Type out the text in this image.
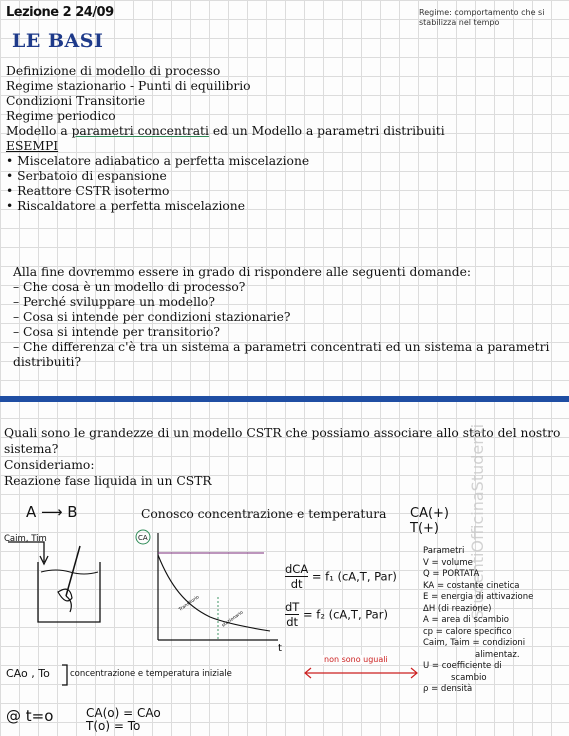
Lezione 2 24/09	Regime: comportamento che si stabilizza nel tempo
LE BASI
Definizione di modello di processo
Regime stazionario - Punti di equilibrio
Condizioni Transitorie
Regime periodico
Modello a parametri concentrati ed un Modello a parametri distribuiti
ESEMPI
• Miscelatore adiabatico a perfetta miscelazione
• Serbatoio di espansione
• Reattore CSTR isotermo
• Riscaldatore a perfetta miscelazione
Alla fine dovremmo essere in grado di rispondere alle seguenti domande:
– Che cosa è un modello di processo?
– Perché sviluppare un modello?
– Cosa si intende per condizioni stazionarie?
– Cosa si intende per transitorio?
– Che differenza c'è tra un sistema a parametri concentrati ed un sistema a parametri distribuiti?
Quali sono le grandezze di un modello CSTR che possiamo associare allo stato del nostro sistema?
Consideriamo:
Reazione fase liquida in un CSTR	StudentiOfficinaStudenti
A ⟶ B
Caim, Tim
Conosco concentrazione e temperatura CA(+)
T(+)
CA
Transitorio
stazionario
t
dCA
dt
= f₁ (cA,T, Par)
$\frac{dT}{dt} = f_2$ (cA,T, Par)
Parametri
V = volume
Q = PORTATA
KA = costante cinetica
E = energia di attivazione
ΔH (di reazione)
A = area di scambio
cp = calore specifico
Caim, Taim = condizioni
alimentaz.
U = coefficiente di
scambio
ρ = densità
CAo , To concentrazione e temperatura iniziale
non sono uguali
@ t=o	CA(o) = CAo
T(o) = To
